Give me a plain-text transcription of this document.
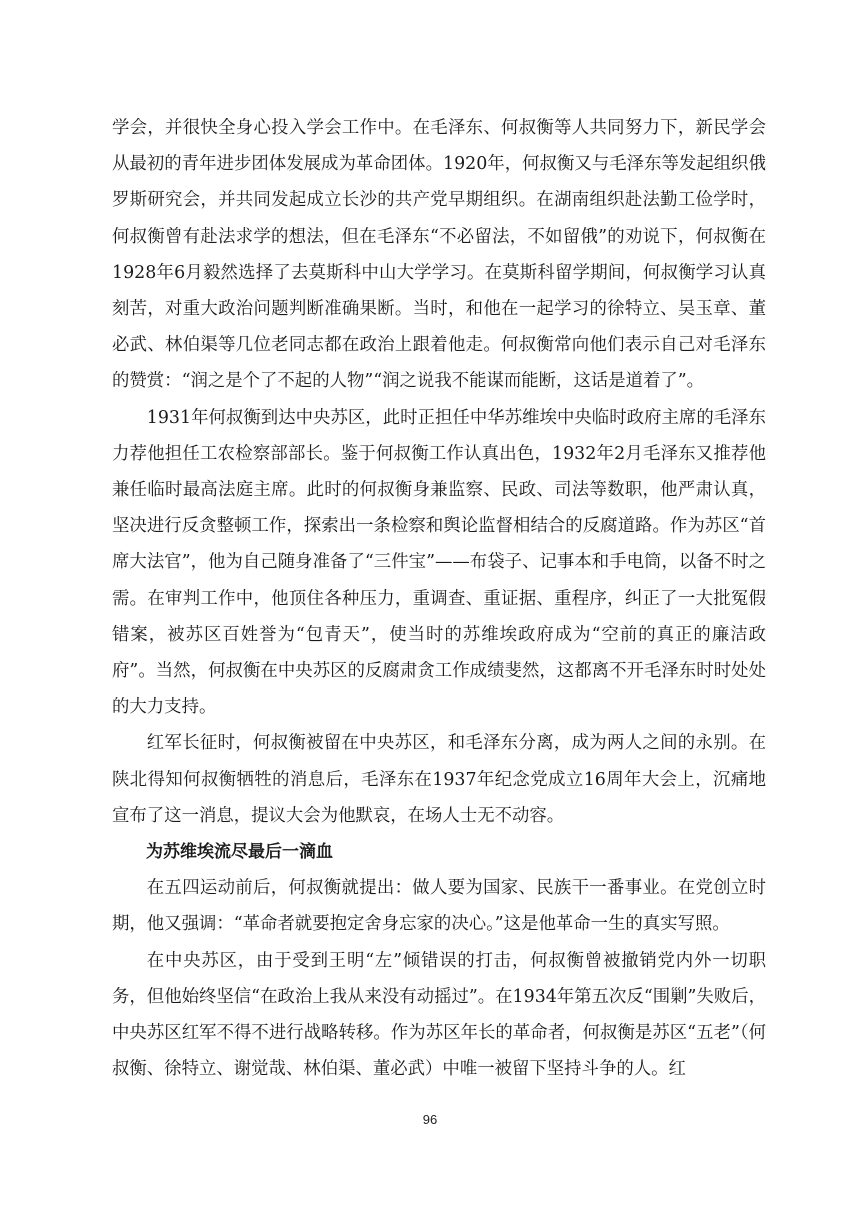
学会，并很快全身心投入学会工作中。在毛泽东、何叔衡等人共同努力下，新民学会从最初的青年进步团体发展成为革命团体。1920年，何叔衡又与毛泽东等发起组织俄罗斯研究会，并共同发起成立长沙的共产党早期组织。在湖南组织赴法勤工俭学时，何叔衡曾有赴法求学的想法，但在毛泽东“不必留法，不如留俄”的劝说下，何叔衡在1928年6月毅然选择了去莫斯科中山大学学习。在莫斯科留学期间，何叔衡学习认真刻苦，对重大政治问题判断准确果断。当时，和他在一起学习的徐特立、吴玉章、董必武、林伯渠等几位老同志都在政治上跟着他走。何叔衡常向他们表示自己对毛泽东的赞赏：“润之是个了不起的人物”“润之说我不能谋而能断，这话是道着了”。

1931年何叔衡到达中央苏区，此时正担任中华苏维埃中央临时政府主席的毛泽东力荐他担任工农检察部部长。鉴于何叔衡工作认真出色，1932年2月毛泽东又推荐他兼任临时最高法庭主席。此时的何叔衡身兼监察、民政、司法等数职，他严肃认真，坚决进行反贪整顿工作，探索出一条检察和舆论监督相结合的反腐道路。作为苏区“首席大法官”，他为自己随身准备了“三件宝”——布袋子、记事本和手电筒，以备不时之需。在审判工作中，他顶住各种压力，重调查、重证据、重程序，纠正了一大批冤假错案，被苏区百姓誉为“包青天”，使当时的苏维埃政府成为“空前的真正的廉洁政府”。当然，何叔衡在中央苏区的反腐肃贪工作成绩斐然，这都离不开毛泽东时时处处的大力支持。

红军长征时，何叔衡被留在中央苏区，和毛泽东分离，成为两人之间的永别。在陕北得知何叔衡牺牲的消息后，毛泽东在1937年纪念党成立16周年大会上，沉痛地宣布了这一消息，提议大会为他默哀，在场人士无不动容。

为苏维埃流尽最后一滴血

在五四运动前后，何叔衡就提出：做人要为国家、民族干一番事业。在党创立时期，他又强调：“革命者就要抱定舍身忘家的决心。”这是他革命一生的真实写照。

在中央苏区，由于受到王明“左”倾错误的打击，何叔衡曾被撤销党内外一切职务，但他始终坚信“在政治上我从来没有动摇过”。在1934年第五次反“围剿”失败后，中央苏区红军不得不进行战略转移。作为苏区年长的革命者，何叔衡是苏区“五老”（何叔衡、徐特立、谢觉哉、林伯渠、董必武）中唯一被留下坚持斗争的人。红

96
